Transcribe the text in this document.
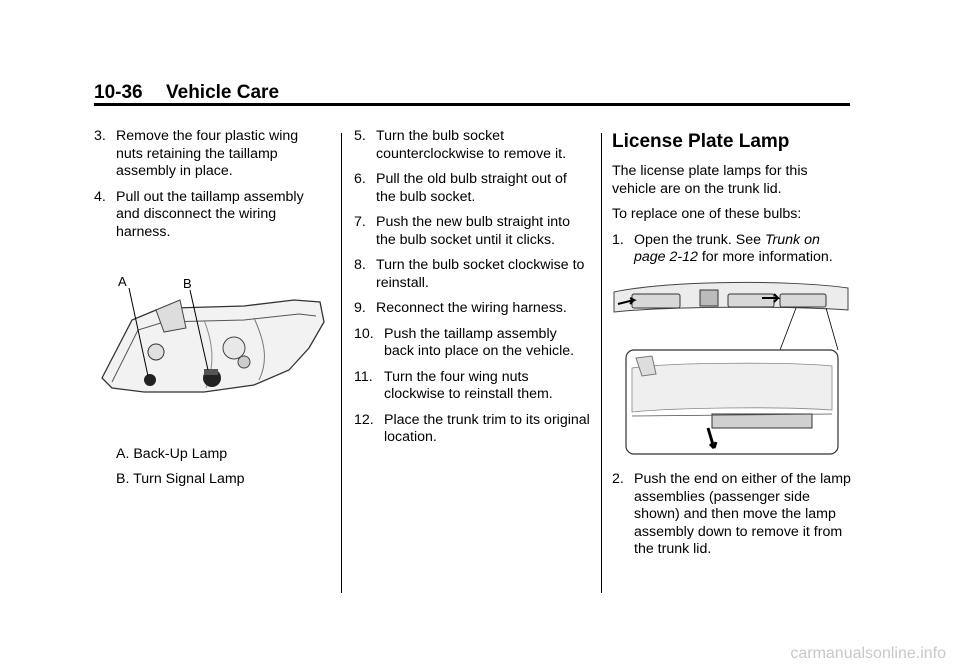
10-36 Vehicle Care
3. Remove the four plastic wing nuts retaining the taillamp assembly in place.
4. Pull out the taillamp assembly and disconnect the wiring harness.
A	B
A. Back-Up Lamp
B. Turn Signal Lamp
5. Turn the bulb socket counterclockwise to remove it.
6. Pull the old bulb straight out of the bulb socket.
7. Push the new bulb straight into the bulb socket until it clicks.
8. Turn the bulb socket clockwise to reinstall.
9. Reconnect the wiring harness.
10. Push the taillamp assembly back into place on the vehicle.
11. Turn the four wing nuts clockwise to reinstall them.
12. Place the trunk trim to its original location.
License Plate Lamp
The license plate lamps for this vehicle are on the trunk lid.
To replace one of these bulbs:
1. Open the trunk. See Trunk on page 2-12 for more information.
2. Push the end on either of the lamp assemblies (passenger side shown) and then move the lamp assembly down to remove it from the trunk lid.
carmanualsonline.info
